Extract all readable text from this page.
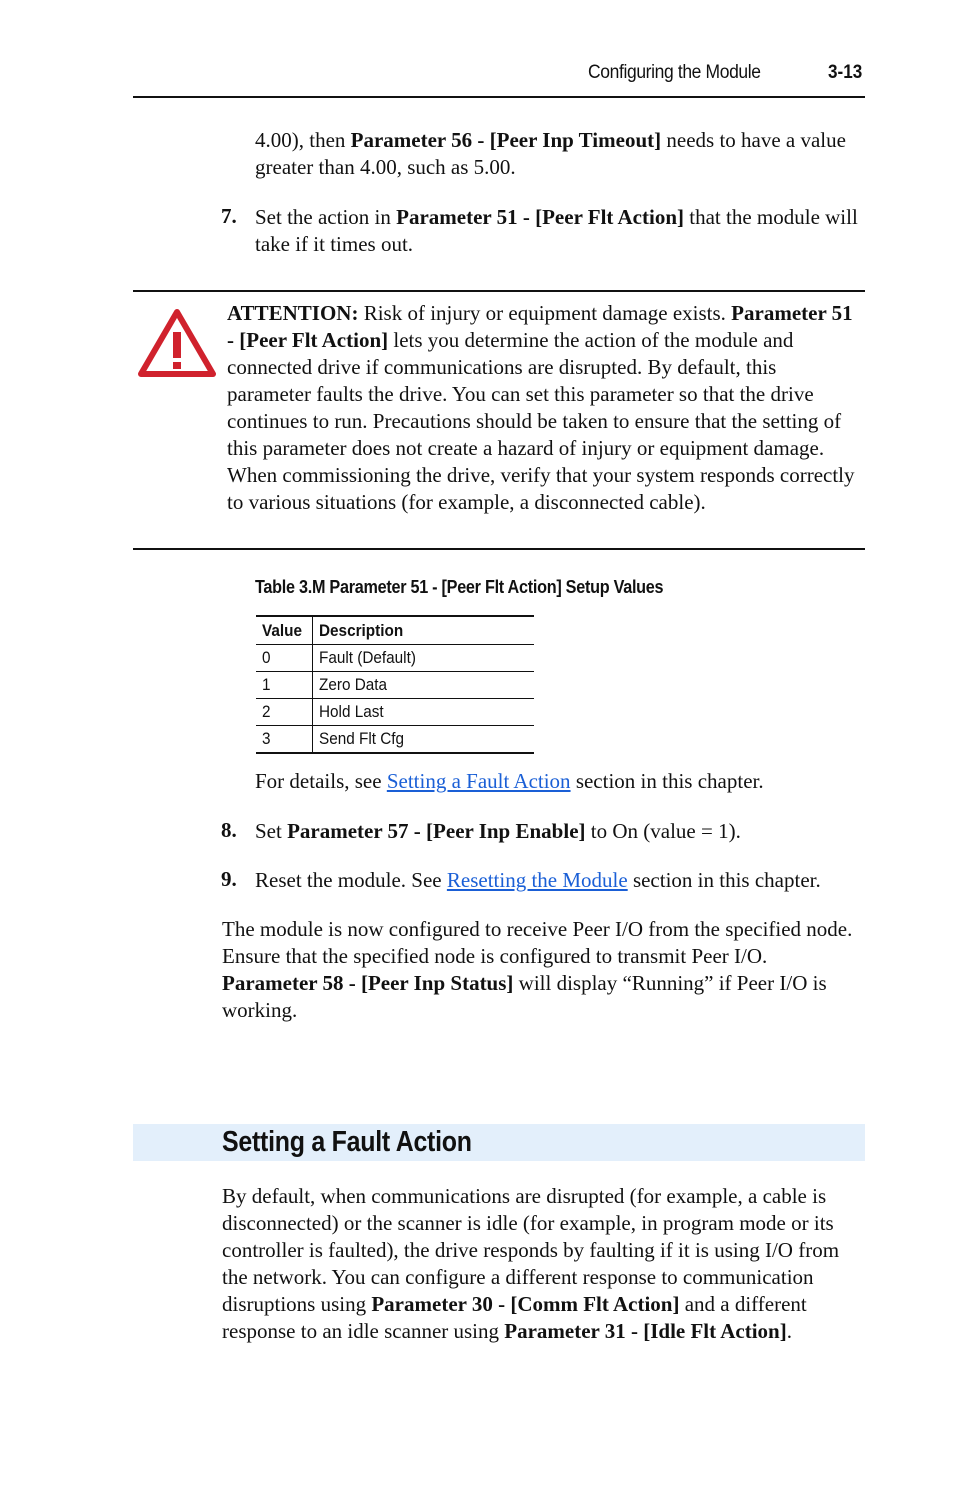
Configuring the Module	3-13
4.00), then Parameter 56 - [Peer Inp Timeout] needs to have a value greater than 4.00, such as 5.00.
7. Set the action in Parameter 51 - [Peer Flt Action] that the module will take if it times out.
ATTENTION: Risk of injury or equipment damage exists. Parameter 51 - [Peer Flt Action] lets you determine the action of the module and connected drive if communications are disrupted. By default, this parameter faults the drive. You can set this parameter so that the drive continues to run. Precautions should be taken to ensure that the setting of this parameter does not create a hazard of injury or equipment damage. When commissioning the drive, verify that your system responds correctly to various situations (for example, a disconnected cable).
Table 3.M Parameter 51 - [Peer Flt Action] Setup Values
Value	Description
0	Fault (Default)
1	Zero Data
2	Hold Last
3	Send Flt Cfg
For details, see Setting a Fault Action section in this chapter.
8. Set Parameter 57 - [Peer Inp Enable] to On (value = 1).
9. Reset the module. See Resetting the Module section in this chapter.
The module is now configured to receive Peer I/O from the specified node. Ensure that the specified node is configured to transmit Peer I/O. Parameter 58 - [Peer Inp Status] will display “Running” if Peer I/O is working.
Setting a Fault Action
By default, when communications are disrupted (for example, a cable is disconnected) or the scanner is idle (for example, in program mode or its controller is faulted), the drive responds by faulting if it is using I/O from the network. You can configure a different response to communication disruptions using Parameter 30 - [Comm Flt Action] and a different response to an idle scanner using Parameter 31 - [Idle Flt Action].
